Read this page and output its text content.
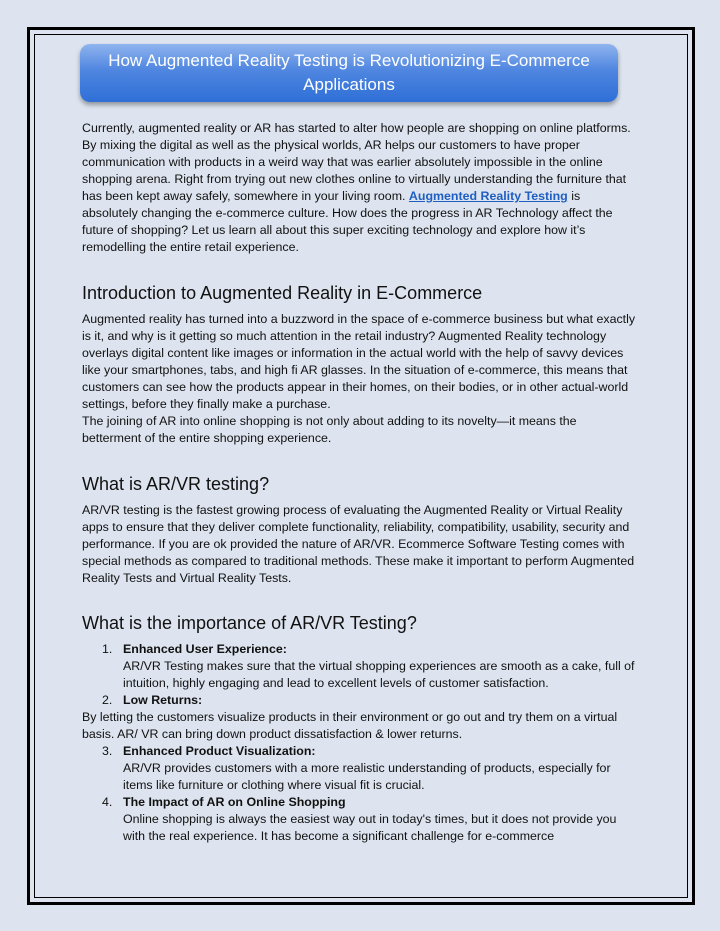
How Augmented Reality Testing is Revolutionizing E-Commerce Applications

Currently, augmented reality or AR has started to alter how people are shopping on online platforms. By mixing the digital as well as the physical worlds, AR helps our customers to have proper communication with products in a weird way that was earlier absolutely impossible in the online shopping arena. Right from trying out new clothes online to virtually understanding the furniture that has been kept away safely, somewhere in your living room. Augmented Reality Testing is absolutely changing the e-commerce culture. How does the progress in AR Technology affect the future of shopping? Let us learn all about this super exciting technology and explore how it’s remodelling the entire retail experience.

Introduction to Augmented Reality in E-Commerce

Augmented reality has turned into a buzzword in the space of e-commerce business but what exactly is it, and why is it getting so much attention in the retail industry? Augmented Reality technology overlays digital content like images or information in the actual world with the help of savvy devices like your smartphones, tabs, and high fi AR glasses. In the situation of e-commerce, this means that customers can see how the products appear in their homes, on their bodies, or in other actual-world settings, before they finally make a purchase.

The joining of AR into online shopping is not only about adding to its novelty—it means the betterment of the entire shopping experience.

What is AR/VR testing?

AR/VR testing is the fastest growing process of evaluating the Augmented Reality or Virtual Reality apps to ensure that they deliver complete functionality, reliability, compatibility, usability, security and performance. If you are ok provided the nature of AR/VR. Ecommerce Software Testing comes with special methods as compared to traditional methods. These make it important to perform Augmented Reality Tests and Virtual Reality Tests.

What is the importance of AR/VR Testing?
1. Enhanced User Experience:
AR/VR Testing makes sure that the virtual shopping experiences are smooth as a cake, full of intuition, highly engaging and lead to excellent levels of customer satisfaction.
2. Low Returns:

By letting the customers visualize products in their environment or go out and try them on a virtual basis. AR/ VR can bring down product dissatisfaction & lower returns.

3. Enhanced Product Visualization:
AR/VR provides customers with a more realistic understanding of products, especially for items like furniture or clothing where visual fit is crucial.
4. The Impact of AR on Online Shopping
Online shopping is always the easiest way out in today's times, but it does not provide you with the real experience. It has become a significant challenge for e-commerce
